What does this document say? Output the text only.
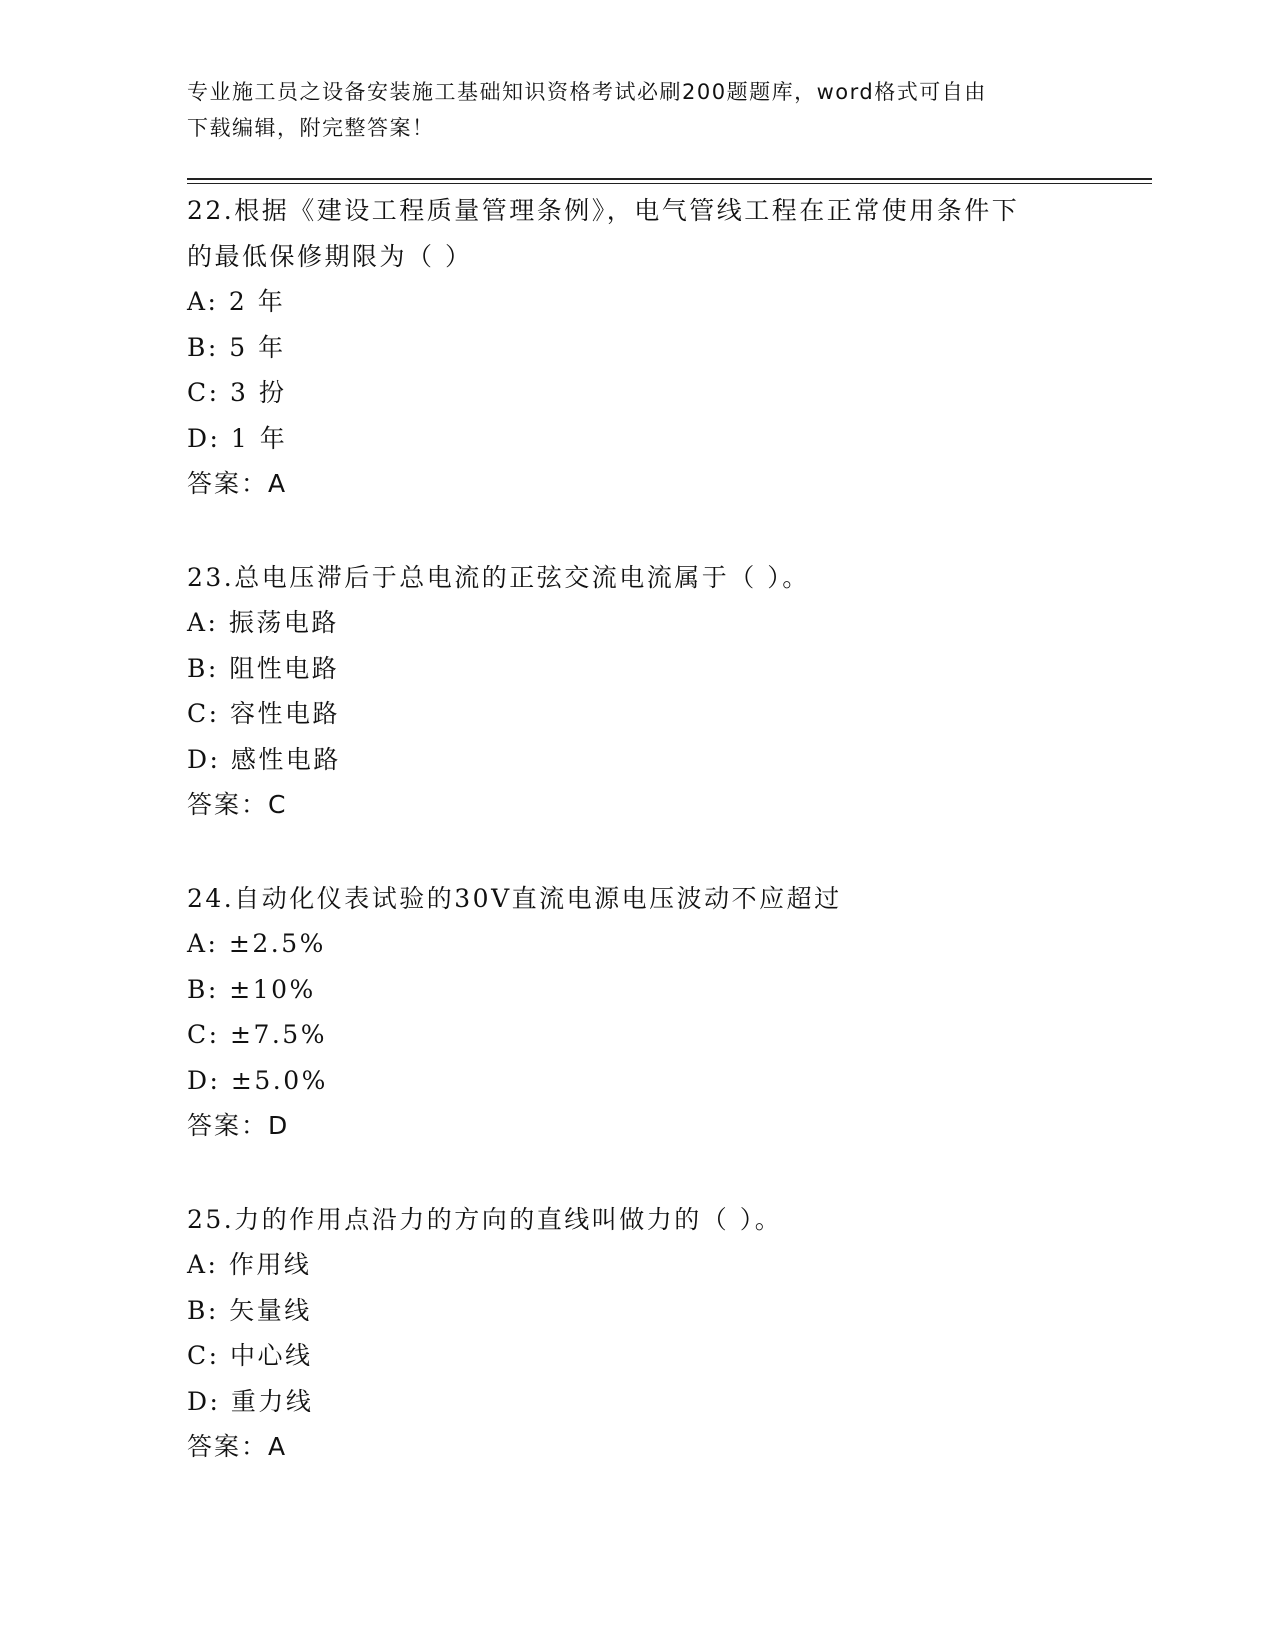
专业施工员之设备安装施工基础知识资格考试必刷200题题库，word格式可自由
下载编辑，附完整答案！
22.根据《建设工程质量管理条例》，电气管线工程在正常使用条件下
的最低保修期限为（ ）
A: 2 年
B: 5 年
C: 3 扮
D: 1 年
答案：A
23.总电压滞后于总电流的正弦交流电流属于（ ）。
A: 振荡电路
B: 阻性电路
C: 容性电路
D: 感性电路
答案：C
24.自动化仪表试验的30V直流电源电压波动不应超过
A: ±2.5%
B: ±10%
C: ±7.5%
D: ±5.0%
答案：D
25.力的作用点沿力的方向的直线叫做力的（ ）。
A: 作用线
B: 矢量线
C: 中心线
D: 重力线
答案：A
